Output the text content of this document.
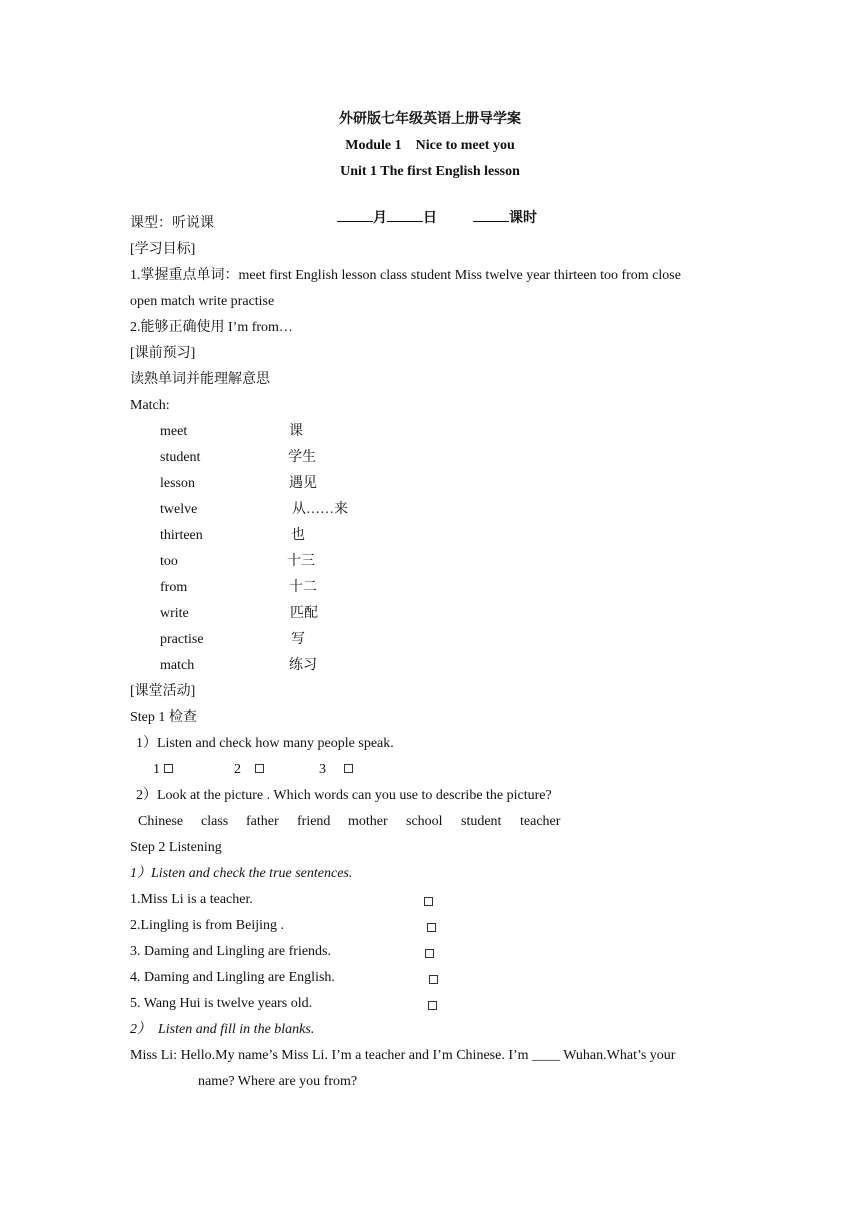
外研版七年级英语上册导学案
Module 1    Nice to meet you
Unit 1 The first English lesson

月	日	课时

课型：听说课
[学习目标]
1.掌握重点单词：meet first English lesson class student Miss twelve year thirteen too from close
open match write practise
2.能够正确使用 I’m from…
[课前预习]
读熟单词并能理解意思
Match:
meet	课
student	学生
lesson	遇见
twelve	从……来
thirteen	也
too	十三
from	十二
write	匹配
practise	写
match	练习
[课堂活动]
Step 1 检查
1）Listen and check how many people speak.
1	2	3
2）Look at the picture . Which words can you use to describe the picture?
Chinese class father friend mother school student teacher
Step 2 Listening
1）Listen and check the true sentences.
1.Miss Li is a teacher.
2.Lingling is from Beijing .
3. Daming and Lingling are friends.
4. Daming and Lingling are English.
5. Wang Hui is twelve years old.
2）  Listen and fill in the blanks.
Miss Li: Hello.My name’s Miss Li. I’m a teacher and I’m Chinese. I’m ____ Wuhan.What’s your
name? Where are you from?
